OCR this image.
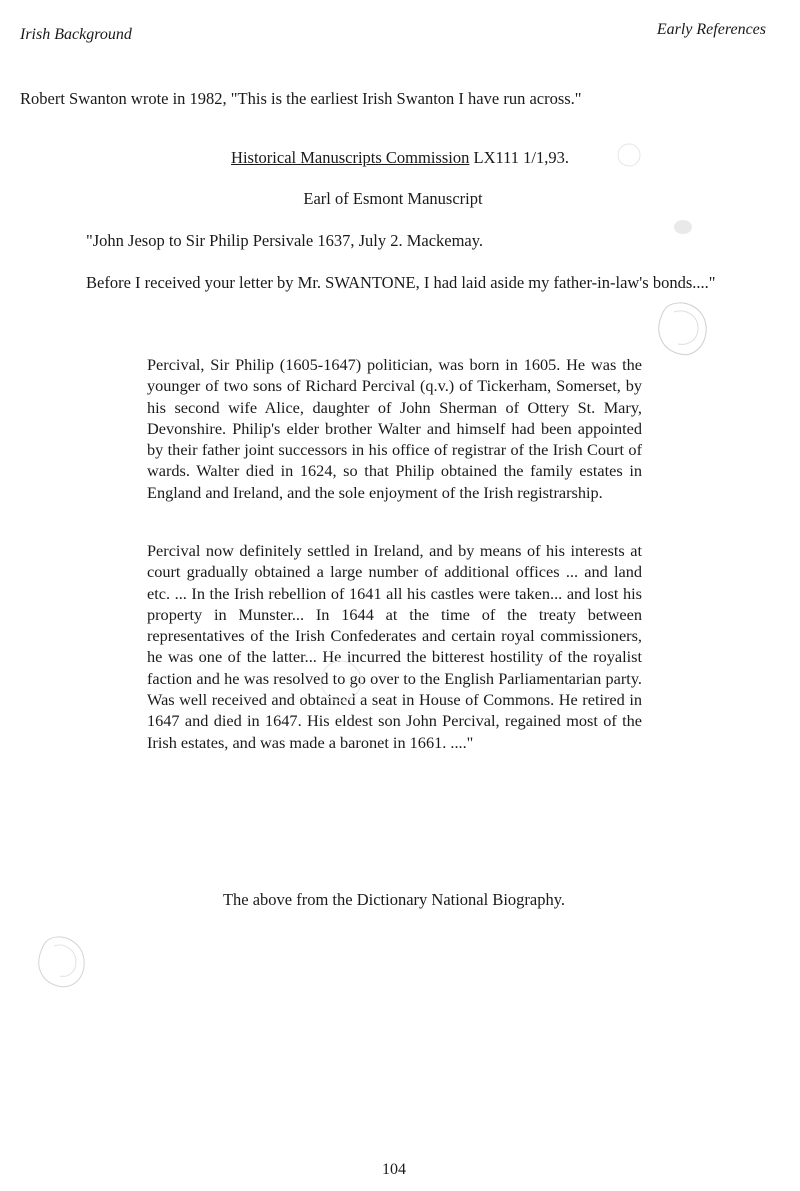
Irish Background	Early References
Robert Swanton wrote in 1982, "This is the earliest Irish Swanton I have run across."
Historical Manuscripts Commission LX111 1/1,93.
Earl of Esmont Manuscript
"John Jesop to Sir Philip Persivale 1637, July 2. Mackemay.
Before I received your letter by Mr. SWANTONE, I had laid aside my father-in-law's bonds...."
Percival, Sir Philip (1605-1647) politician, was born in 1605. He was the younger of two sons of Richard Percival (q.v.) of Tickerham, Somerset, by his second wife Alice, daughter of John Sherman of Ottery St. Mary, Devonshire. Philip's elder brother Walter and himself had been appointed by their father joint successors in his office of registrar of the Irish Court of wards. Walter died in 1624, so that Philip obtained the family estates in England and Ireland, and the sole enjoyment of the Irish registrarship.
Percival now definitely settled in Ireland, and by means of his interests at court gradually obtained a large number of additional offices ... and land etc. ... In the Irish rebellion of 1641 all his castles were taken... and lost his property in Munster... In 1644 at the time of the treaty between representatives of the Irish Confederates and certain royal commissioners, he was one of the latter... He incurred the bitterest hostility of the royalist faction and he was resolved to go over to the English Parliamentarian party. Was well received and obtained a seat in House of Commons. He retired in 1647 and died in 1647. His eldest son John Percival, regained most of the Irish estates, and was made a baronet in 1661. ...."
The above from the Dictionary National Biography.
104
